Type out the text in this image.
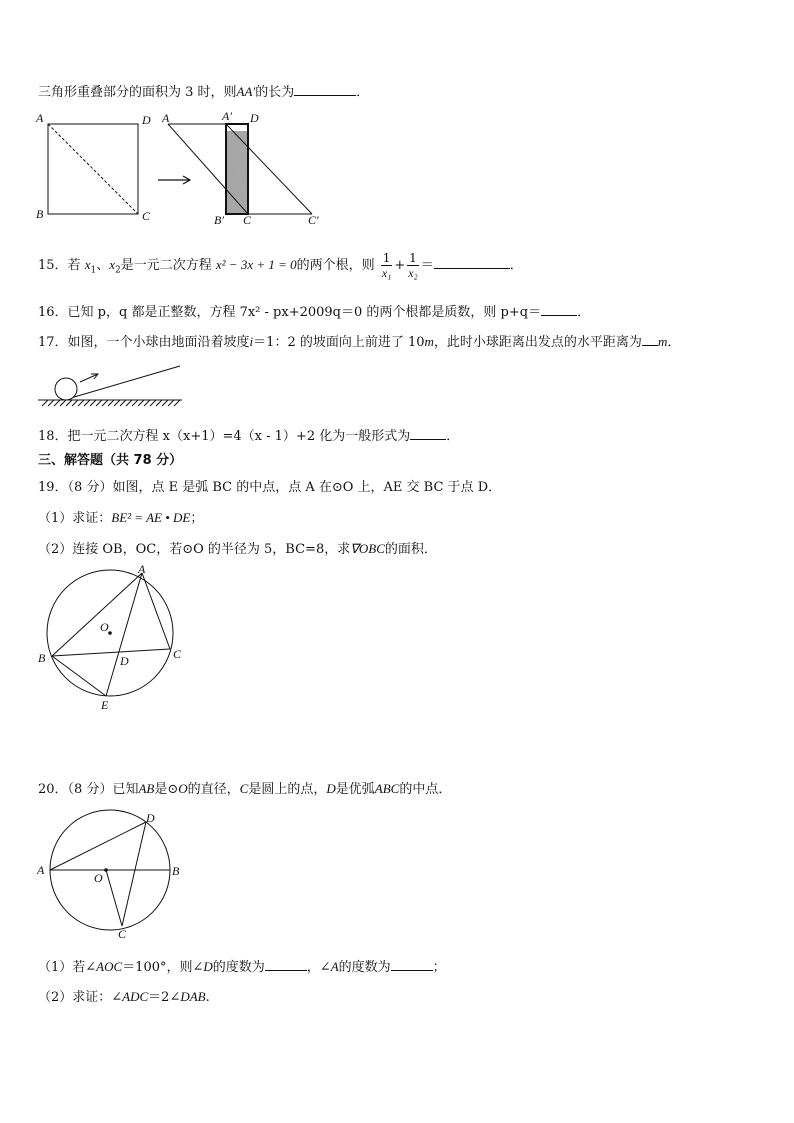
三角形重叠部分的面积为 3 时，则AA′的长为	．
A	D
B	C
A	A′ D
B′ C	C′
15．若 $x_1$、$x_2$是一元二次方程 x² − 3x + 1 = 0的两个根，则 $\frac{1}{\text{x₁}} + \frac{1}{\text{x₂}}$ ＝	．
16．已知 p，q 都是正整数，方程 7x² - px+2009q＝0 的两个根都是质数，则 p+q＝	．
17．如图，一个小球由地面沿着坡度i＝1：2 的坡面向上前进了 10m，此时小球距离出发点的水平距离为 m．
18．把一元二次方程 x（x+1）=4（x - 1）+2 化为一般形式为	．
三、解答题（共 78 分）
19．（8 分）如图，点 E 是弧 BC 的中点，点 A 在⊙O 上，AE 交 BC 于点 D．
（1）求证：BE² = AE • DE；
（2）连接 OB，OC，若⊙O 的半径为 5，BC=8，求∇OBC的面积．
A
O
B	D	C
E
20．（8 分）已知AB是⊙O的直径，C是圆上的点，D是优弧ABC的中点．
D
A
O	B
C
（1）若∠AOC＝100°，则∠D的度数为	，∠A的度数为	；
（2）求证：∠ADC＝2∠DAB.
